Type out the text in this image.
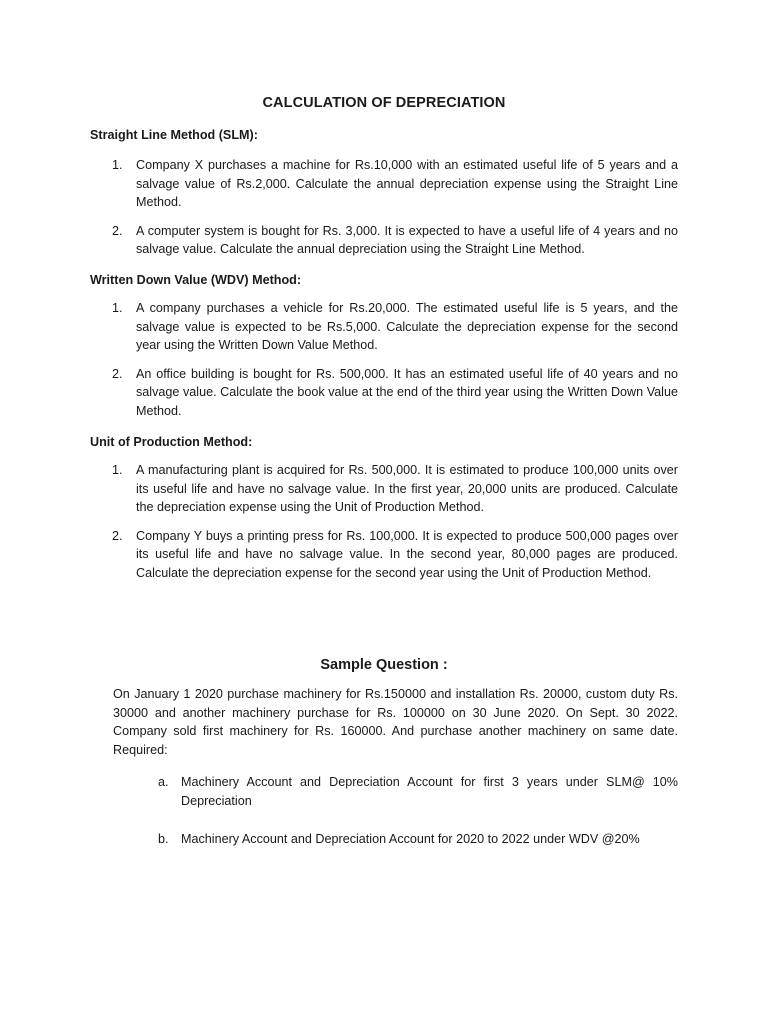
CALCULATION OF DEPRECIATION
Straight Line Method (SLM):
1. Company X purchases a machine for Rs.10,000 with an estimated useful life of 5 years and a salvage value of Rs.2,000. Calculate the annual depreciation expense using the Straight Line Method.
2. A computer system is bought for Rs. 3,000. It is expected to have a useful life of 4 years and no salvage value. Calculate the annual depreciation using the Straight Line Method.
Written Down Value (WDV) Method:
1. A company purchases a vehicle for Rs.20,000. The estimated useful life is 5 years, and the salvage value is expected to be Rs.5,000. Calculate the depreciation expense for the second year using the Written Down Value Method.
2. An office building is bought for Rs. 500,000. It has an estimated useful life of 40 years and no salvage value. Calculate the book value at the end of the third year using the Written Down Value Method.
Unit of Production Method:
1. A manufacturing plant is acquired for Rs. 500,000. It is estimated to produce 100,000 units over its useful life and have no salvage value. In the first year, 20,000 units are produced. Calculate the depreciation expense using the Unit of Production Method.
2. Company Y buys a printing press for Rs. 100,000. It is expected to produce 500,000 pages over its useful life and have no salvage value. In the second year, 80,000 pages are produced. Calculate the depreciation expense for the second year using the Unit of Production Method.
Sample Question :
On January 1 2020 purchase machinery for Rs.150000 and installation Rs. 20000, custom duty Rs. 30000 and another machinery purchase for Rs. 100000 on 30 June 2020. On Sept. 30 2022. Company sold first machinery for Rs. 160000. And purchase another machinery on same date. Required:
a. Machinery Account and Depreciation Account for first 3 years under SLM@ 10% Depreciation
b. Machinery Account and Depreciation Account for 2020 to 2022 under WDV @20%
